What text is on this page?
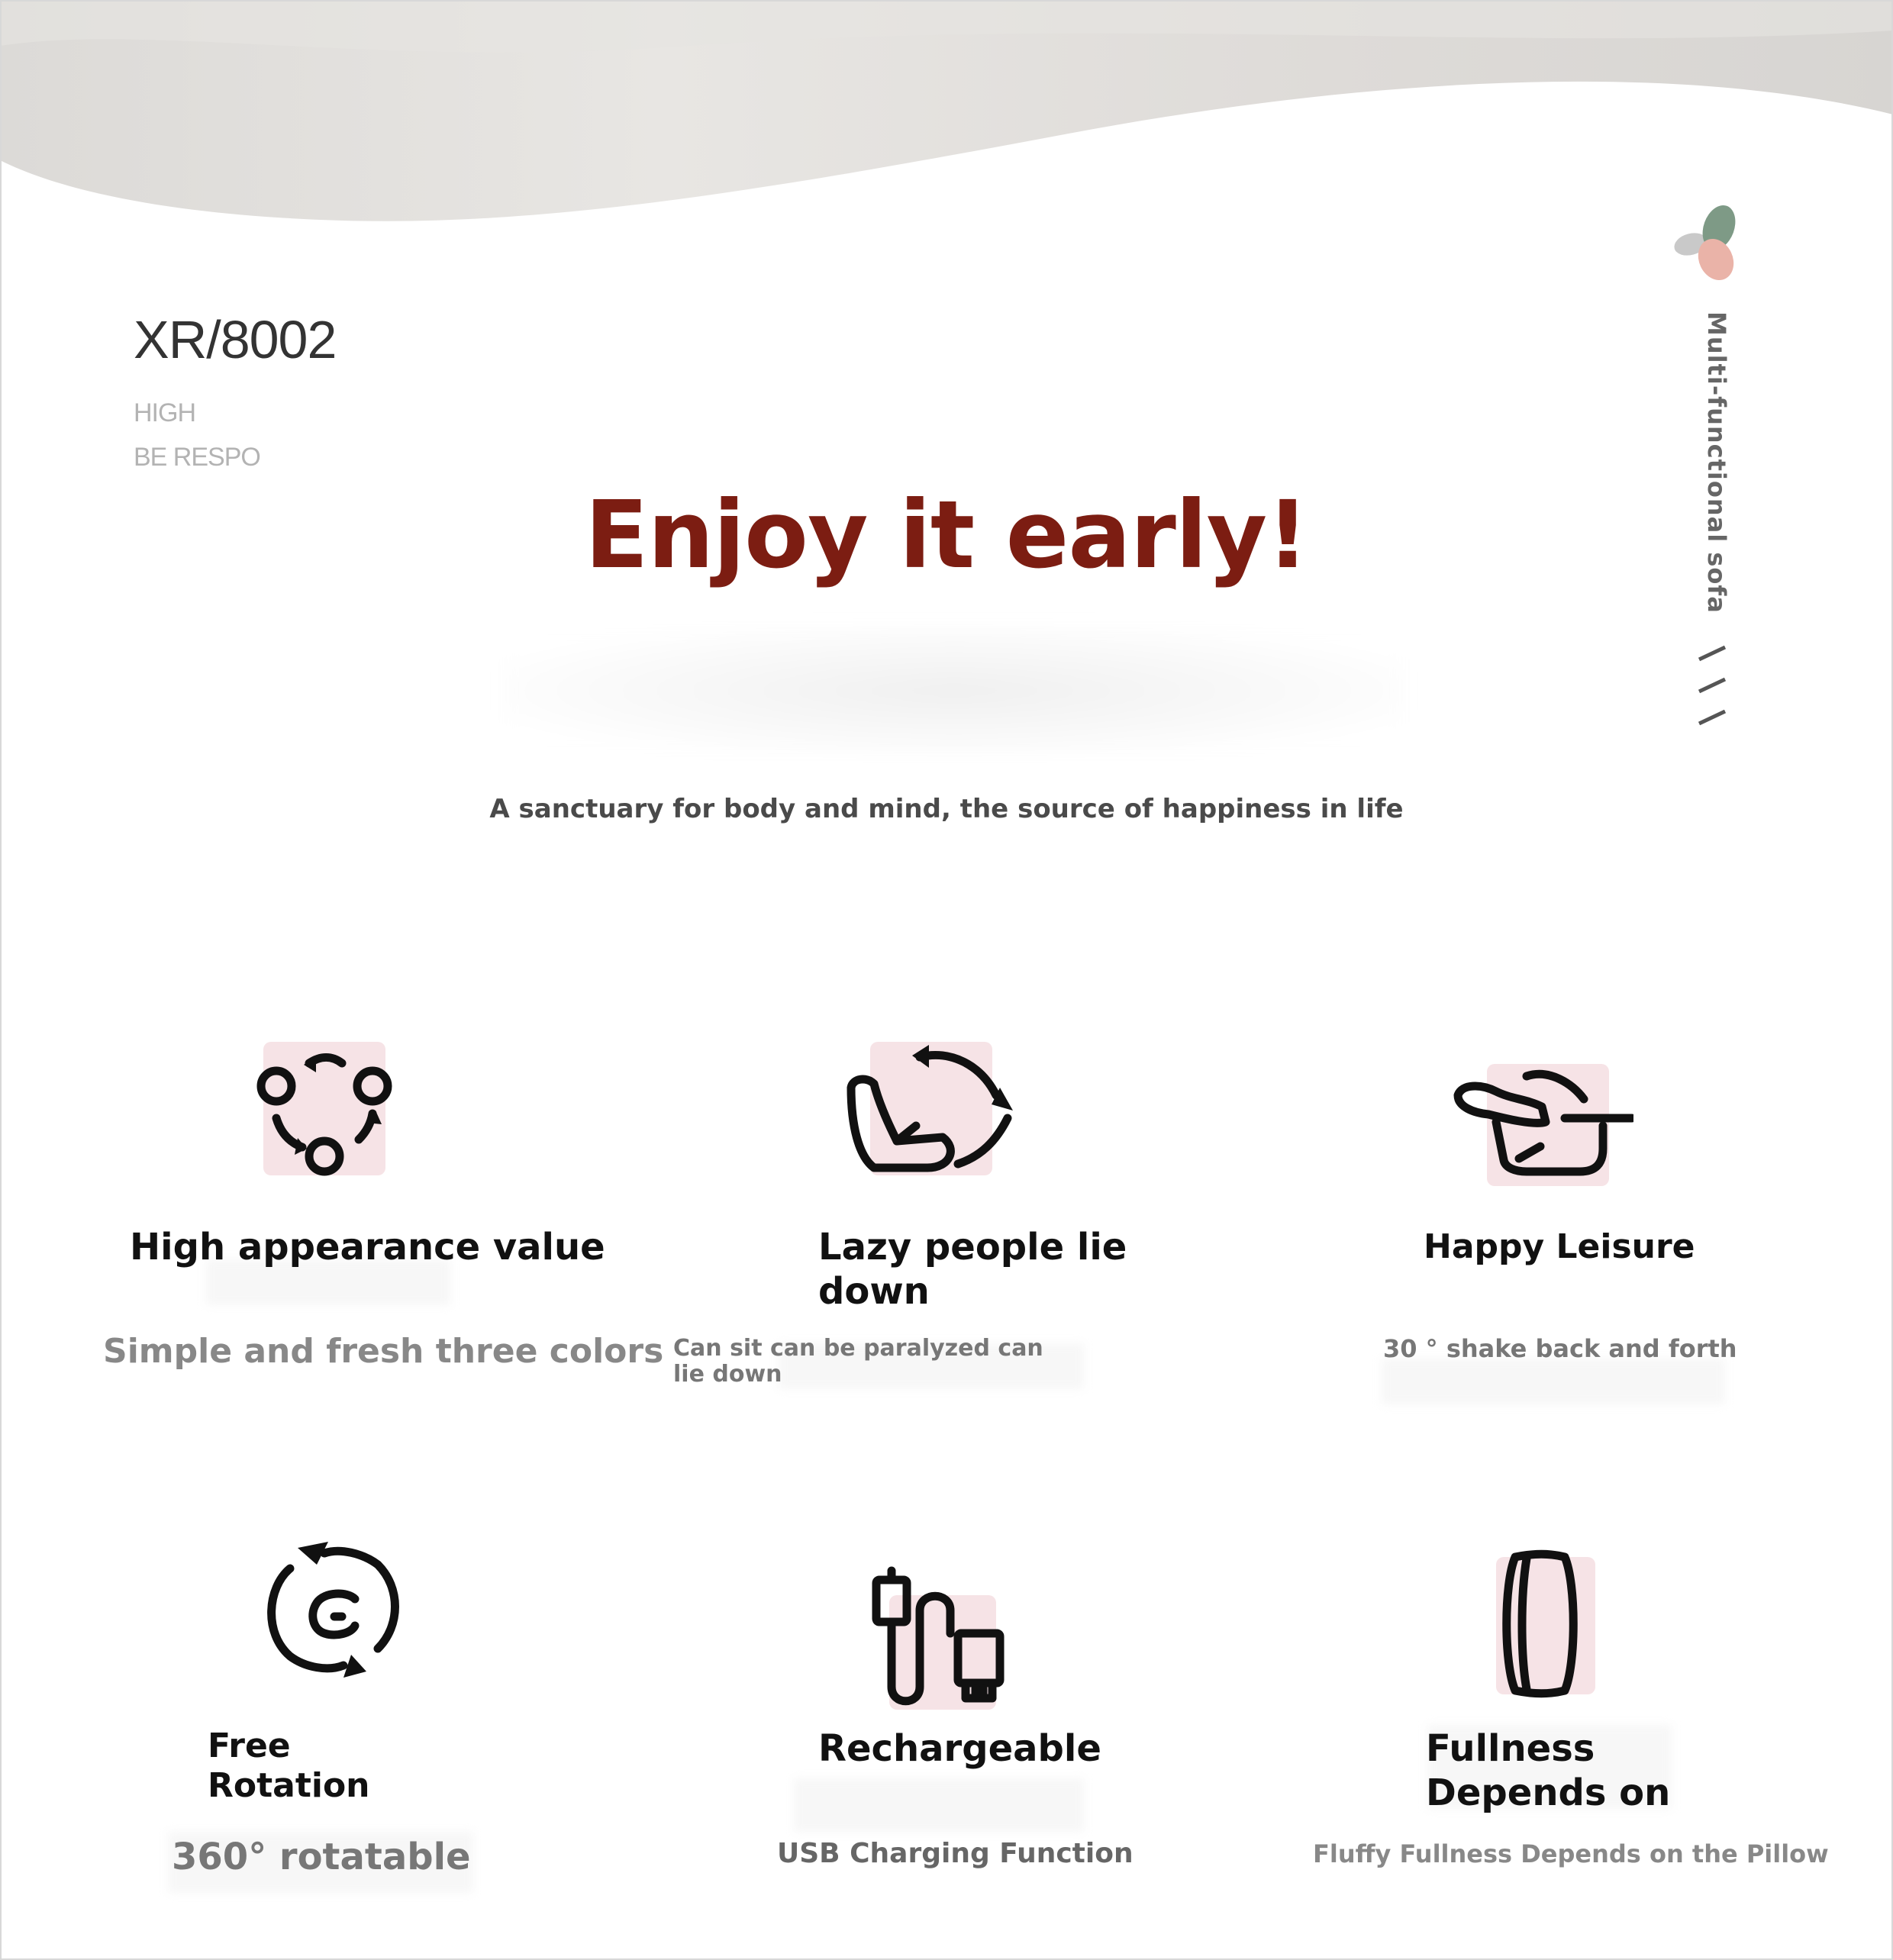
XR/8002
HIGH
BE RESPO	Multi-functional sofa
Enjoy it early!
A sanctuary for body and mind, the source of happiness in life
High appearance value
Simple and fresh three colors
Lazy people lie down
Can sit can be paralyzed can lie down
Happy Leisure
30 ° shake back and forth
Free Rotation
360° rotatable
Rechargeable
USB Charging Function
Fullness Depends on
Fluffy Fullness Depends on the Pillow
